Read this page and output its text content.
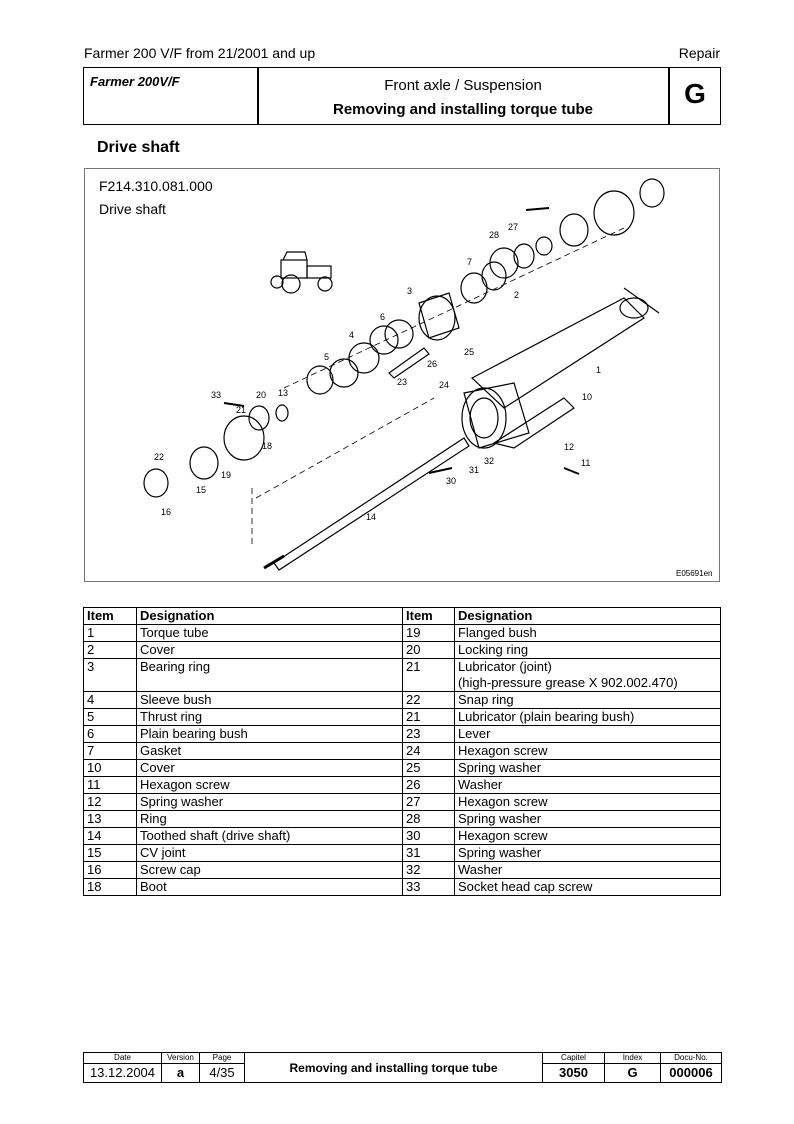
Farmer 200 V/F from 21/2001 and up	Repair
Farmer 200V/F	Front axle / Suspension
Removing and installing torque tube
G
Drive shaft
1
2
3
4
5
6
7
10
11
12
13
14
15
16
18
19
20
21
22
23	24
25
26
27
28
30
31
32
33
F214.310.081.000
Drive shaft
E05691en
Item	Designation	Item	Designation
1	Torque tube	19	Flanged bush
2	Cover	20	Locking ring
3	Bearing ring	21	Lubricator (joint)
(high-pressure grease X 902.002.470)
4	Sleeve bush	22	Snap ring
5	Thrust ring	21	Lubricator (plain bearing bush)
6	Plain bearing bush	23	Lever
7	Gasket	24	Hexagon screw
10	Cover	25	Spring washer
11	Hexagon screw	26	Washer
12	Spring washer	27	Hexagon screw
13	Ring	28	Spring washer
14	Toothed shaft (drive shaft)	30	Hexagon screw
15	CV joint	31	Spring washer
16	Screw cap	32	Washer
18	Boot	33	Socket head cap screw
Date	Version	Page	Removing and installing torque tube	Capitel	Index	Docu-No.
13.12.2004	a	4/35		3050	G	000006
